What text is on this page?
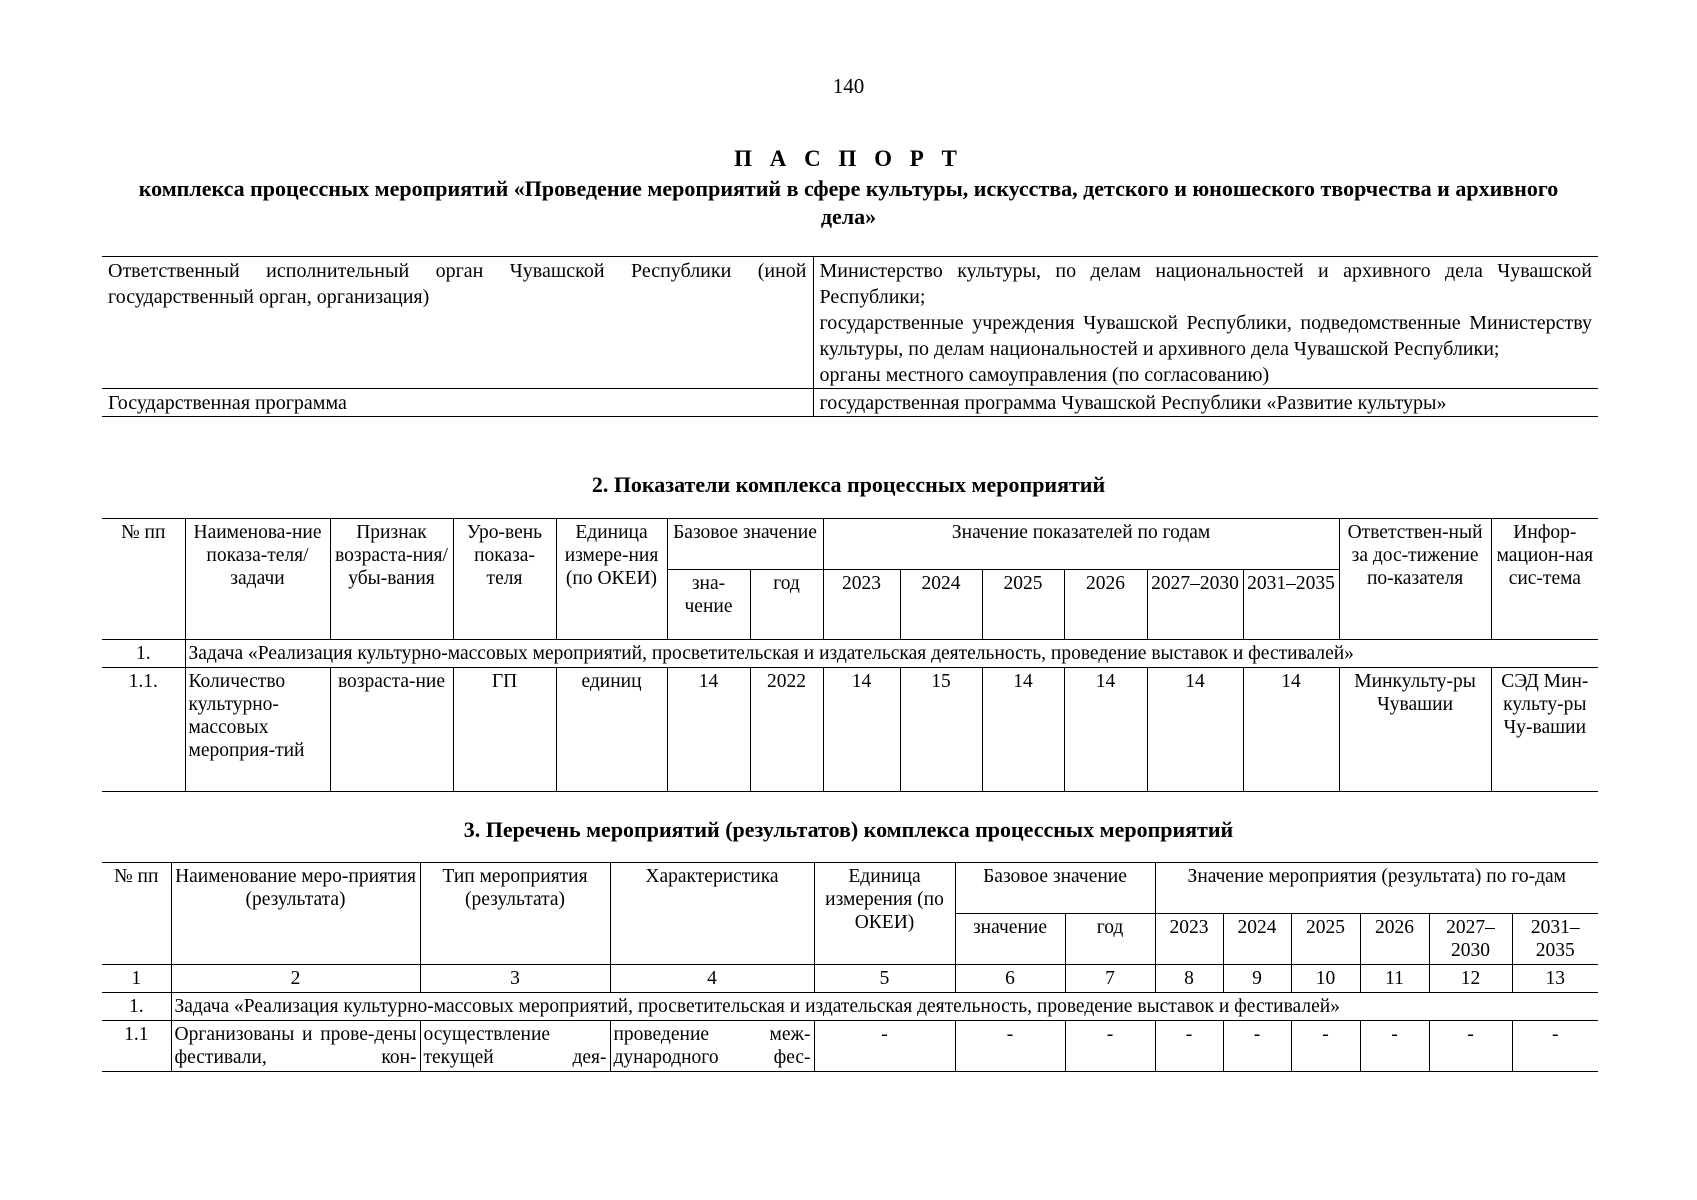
140
П А С П О Р Т
комплекса процессных мероприятий «Проведение мероприятий в сфере культуры, искусства, детского и юношеского творчества и архивного дела»
Ответственный исполнительный орган Чувашской Республики (иной государственный орган, организация)	Министерство культуры, по делам национальностей и архивного дела Чувашской Республики;
государственные учреждения Чувашской Республики, подведомственные Министерству культуры, по делам национальностей и архивного дела Чувашской Республики;
органы местного самоуправления (по согласованию)

Государственная программа	государственная программа Чувашской Республики «Развитие культуры»
2. Показатели комплекса процессных мероприятий
№ пп	Наименова-ние показа-теля/ задачи	Признак возраста-ния/ убы-вания	Уро-вень показа-теля	Единица измере-ния (по ОКЕИ)	Базовое значение		Значение показателей по годам						Ответствен-ный за дос-тижение по-казателя	Инфор-мацион-ная сис-тема
					зна-чение	год	2023	2024	2025	2026	2027–2030	2031–2035		
1.	Задача «Реализация культурно-массовых мероприятий, просветительская и издательская деятельность, проведение выставок и фестивалей»													
1.1.	Количество культурно-массовых мероприя-тий	возраста-ние	ГП	единиц	14	2022	14	15	14	14	14	14	Минкульту-ры Чувашии	СЭД Мин-культу-ры Чу-вашии
3. Перечень мероприятий (результатов) комплекса процессных мероприятий
№ пп	Наименование меро-приятия (результата)	Тип мероприятия (результата)	Характеристика	Единица измерения (по ОКЕИ)	Базовое значение		Значение мероприятия (результата) по го-дам					
					значение	год	2023	2024	2025	2026	2027–2030	2031–2035
1	2	3	4	5	6	7	8	9	10	11	12	13
1.	Задача «Реализация культурно-массовых мероприятий, просветительская и издательская деятельность, проведение выставок и фестивалей»											
1.1	Организованы и прове-дены фестивали, кон-	осуществление текущей дея-	проведение меж-дународного фес-	-	-	-	-	-	-	-	-	-
